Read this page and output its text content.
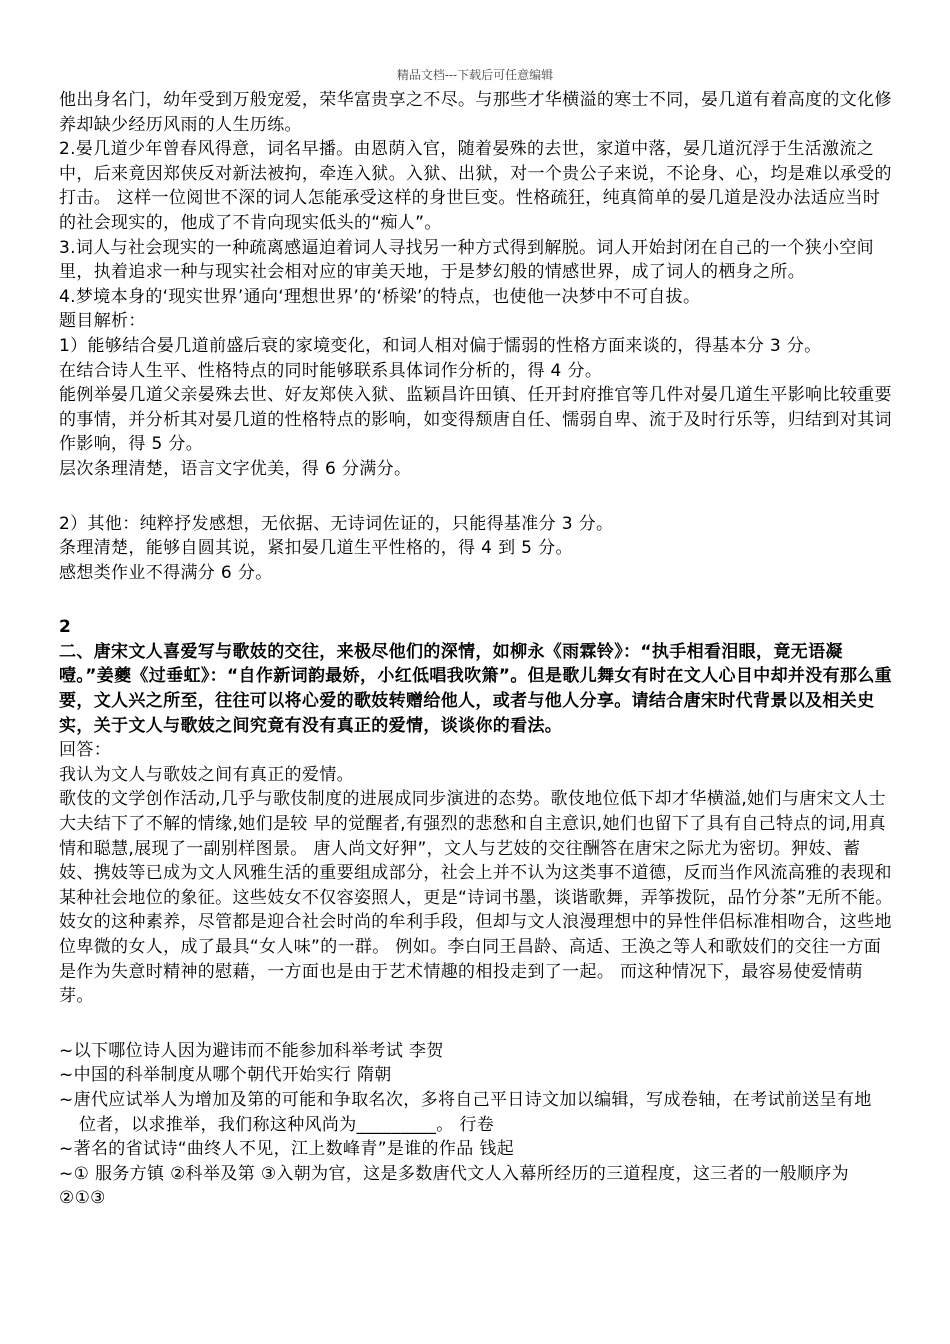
精品文档---下载后可任意编辑

他出身名门，幼年受到万般宠爱，荣华富贵享之不尽。与那些才华横溢的寒士不同，晏几道有着高度的文化修养却缺少经历风雨的人生历练。

2.晏几道少年曾春风得意，词名早播。由恩荫入官，随着晏殊的去世，家道中落，晏几道沉浮于生活激流之中，后来竟因郑侠反对新法被拘，牵连入狱。入狱、出狱，对一个贵公子来说，不论身、心，均是难以承受的打击。 这样一位阅世不深的词人怎能承受这样的身世巨变。性格疏狂，纯真简单的晏几道是没办法适应当时的社会现实的，他成了不肯向现实低头的“痴人”。

3.词人与社会现实的一种疏离感逼迫着词人寻找另一种方式得到解脱。词人开始封闭在自己的一个狭小空间里，执着追求一种与现实社会相对应的审美天地，于是梦幻般的情感世界，成了词人的栖身之所。

4.梦境本身的‘现实世界’通向‘理想世界’的‘桥梁’的特点，也使他一决梦中不可自拔。

题目解析：

1）能够结合晏几道前盛后衰的家境变化，和词人相对偏于懦弱的性格方面来谈的，得基本分 3 分。

在结合诗人生平、性格特点的同时能够联系具体词作分析的，得 4 分。

能例举晏几道父亲晏殊去世、好友郑侠入狱、监颖昌许田镇、任开封府推官等几件对晏几道生平影响比较重要的事情，并分析其对晏几道的性格特点的影响，如变得颓唐自任、懦弱自卑、流于及时行乐等，归结到对其词作影响，得 5 分。

层次条理清楚，语言文字优美，得 6 分满分。

2）其他：纯粹抒发感想，无依据、无诗词佐证的，只能得基准分 3 分。

条理清楚，能够自圆其说，紧扣晏几道生平性格的，得 4 到 5 分。

感想类作业不得满分 6 分。

2

二、唐宋文人喜爱写与歌妓的交往，来极尽他们的深情，如柳永《雨霖铃》：“执手相看泪眼，竟无语凝噎。”姜夔《过垂虹》：“自作新词韵最娇，小红低唱我吹箫”。但是歌儿舞女有时在文人心目中却并没有那么重要，文人兴之所至，往往可以将心爱的歌妓转赠给他人，或者与他人分享。请结合唐宋时代背景以及相关史实，关于文人与歌妓之间究竟有没有真正的爱情，谈谈你的看法。

回答：

我认为文人与歌妓之间有真正的爱情。

歌伎的文学创作活动,几乎与歌伎制度的进展成同步演进的态势。歌伎地位低下却才华横溢,她们与唐宋文人士大夫结下了不解的情缘,她们是较 早的觉醒者,有强烈的悲愁和自主意识,她们也留下了具有自己特点的词,用真情和聪慧,展现了一副别样图景。 唐人尚文好狎”，文人与艺妓的交往酬答在唐宋之际尤为密切。狎妓、蓄妓、携妓等已成为文人风雅生活的重要组成部分，社会上并不认为这类事不道德，反而当作风流高雅的表现和某种社会地位的象征。这些妓女不仅容姿照人，更是“诗词书墨，谈谐歌舞，弄筝拨阮，品竹分茶”无所不能。妓女的这种素养，尽管都是迎合社会时尚的牟利手段，但却与文人浪漫理想中的异性伴侣标准相吻合，这些地位卑微的女人，成了最具“女人味”的一群。 例如。李白同王昌龄、高适、王涣之等人和歌妓们的交往一方面是作为失意时精神的慰藉，一方面也是由于艺术情趣的相投走到了一起。 而这种情况下，最容易使爱情萌芽。

~以下哪位诗人因为避讳而不能参加科举考试 李贺

~中国的科举制度从哪个朝代开始实行 隋朝

~唐代应试举人为增加及第的可能和争取名次，多将自己平日诗文加以编辑，写成卷轴，在考试前送呈有地

位者，以求推举，我们称这种风尚为_________。 行卷

~著名的省试诗“曲终人不见，江上数峰青”是谁的作品 钱起

~① 服务方镇 ②科举及第 ③入朝为官，这是多数唐代文人入幕所经历的三道程度，这三者的一般顺序为

②①③
